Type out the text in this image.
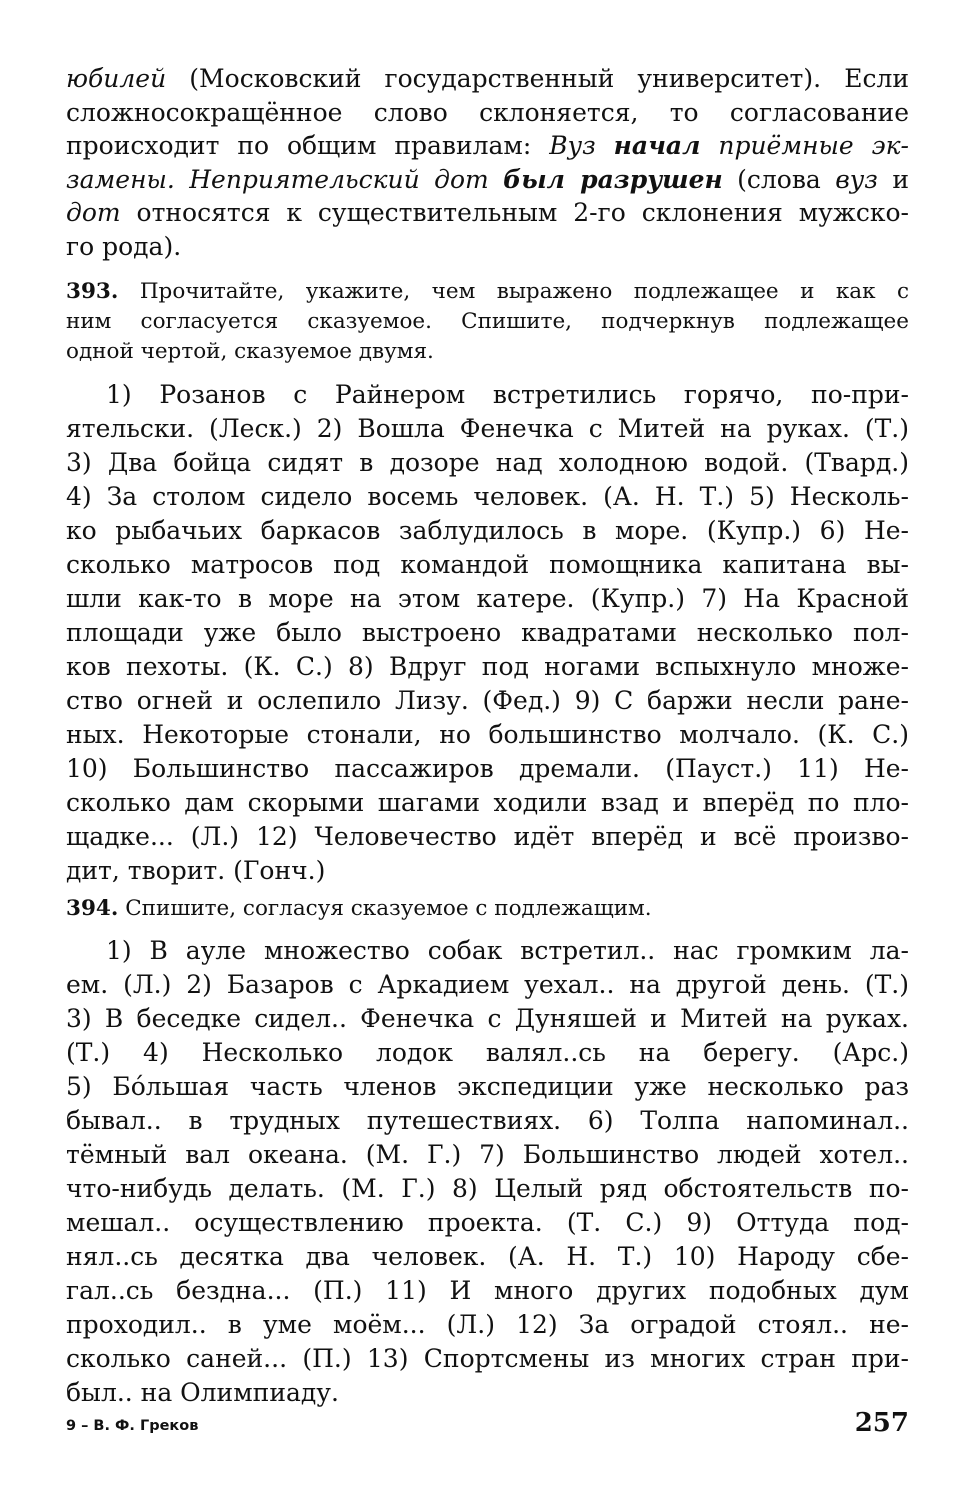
юбилей (Московский государственный университет). Если
сложносокращённое слово склоняется, то согласование
происходит по общим правилам: Вуз начал приёмные эк-
замены. Неприятельский дот был разрушен (слова вуз и
дот относятся к существительным 2-го склонения мужско-
го рода).
393. Прочитайте, укажите, чем выражено подлежащее и как с
ним согласуется сказуемое. Спишите, подчеркнув подлежащее
одной чертой, сказуемое двумя.
1) Розанов с Райнером встретились горячо, по-при-
ятельски. (Леск.) 2) Вошла Фенечка с Митей на руках. (Т.)
3) Два бойца сидят в дозоре над холодною водой. (Твард.)
4) За столом сидело восемь человек. (А. Н. Т.) 5) Несколь-
ко рыбачьих баркасов заблудилось в море. (Купр.) 6) Не-
сколько матросов под командой помощника капитана вы-
шли как-то в море на этом катере. (Купр.) 7) На Красной
площади уже было выстроено квадратами несколько пол-
ков пехоты. (К. С.) 8) Вдруг под ногами вспыхнуло множе-
ство огней и ослепило Лизу. (Фед.) 9) С баржи несли ране-
ных. Некоторые стонали, но большинство молчало. (К. С.)
10) Большинство пассажиров дремали. (Пауст.) 11) Не-
сколько дам скорыми шагами ходили взад и вперёд по пло-
щадке... (Л.) 12) Человечество идёт вперёд и всё произво-
дит, творит. (Гонч.)
394. Спишите, согласуя сказуемое с подлежащим.
1) В ауле множество собак встретил.. нас громким ла-
ем. (Л.) 2) Базаров с Аркадием уехал.. на другой день. (Т.)
3) В беседке сидел.. Фенечка с Дуняшей и Митей на руках.
(Т.) 4) Несколько лодок валял..сь на берегу. (Арс.)
5) Бóльшая часть членов экспедиции уже несколько раз
бывал.. в трудных путешествиях. 6) Толпа напоминал..
тёмный вал океана. (М. Г.) 7) Большинство людей хотел..
что-нибудь делать. (М. Г.) 8) Целый ряд обстоятельств по-
мешал.. осуществлению проекта. (Т. С.) 9) Оттуда под-
нял..сь десятка два человек. (А. Н. Т.) 10) Народу сбе-
гал..сь бездна... (П.) 11) И много других подобных дум
проходил.. в уме моём... (Л.) 12) За оградой стоял.. не-
сколько саней... (П.) 13) Спортсмены из многих стран при-
был.. на Олимпиаду.
9 – В. Ф. Греков	257
